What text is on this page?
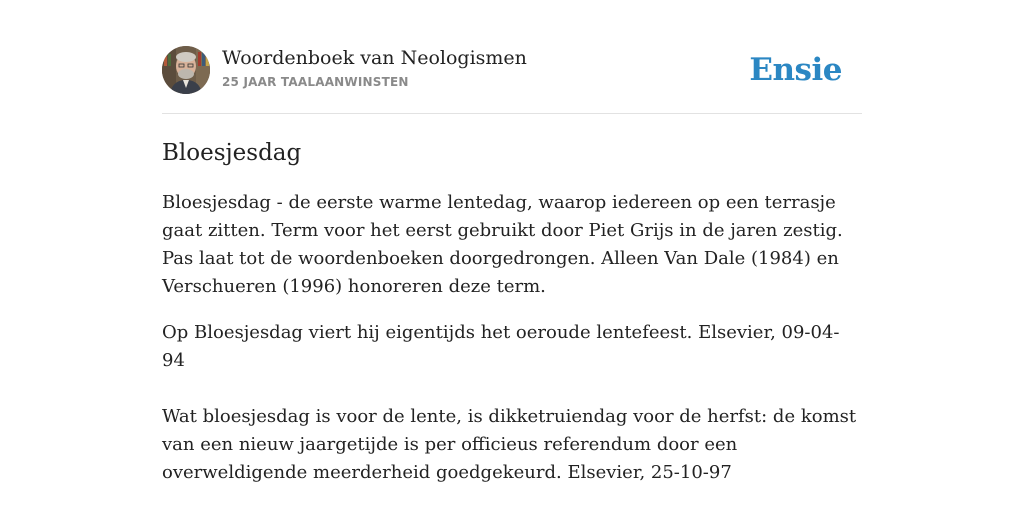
Woordenboek van Neologismen
25 JAAR TAALAANWINSTEN	Ensie
Bloesjesdag

Bloesjesdag - de eerste warme lentedag, waarop iedereen op een terrasje gaat zitten. Term voor het eerst gebruikt door Piet Grijs in de jaren zestig. Pas laat tot de woordenboeken doorgedrongen. Alleen Van Dale (1984) en Verschueren (1996) honoreren deze term.

Op Bloesjesdag viert hij eigentijds het oeroude lentefeest. Elsevier, 09-04-94

Wat bloesjesdag is voor de lente, is dikketruiendag voor de herfst: de komst van een nieuw jaargetijde is per officieus referendum door een overweldigende meerderheid goedgekeurd. Elsevier, 25-10-97
